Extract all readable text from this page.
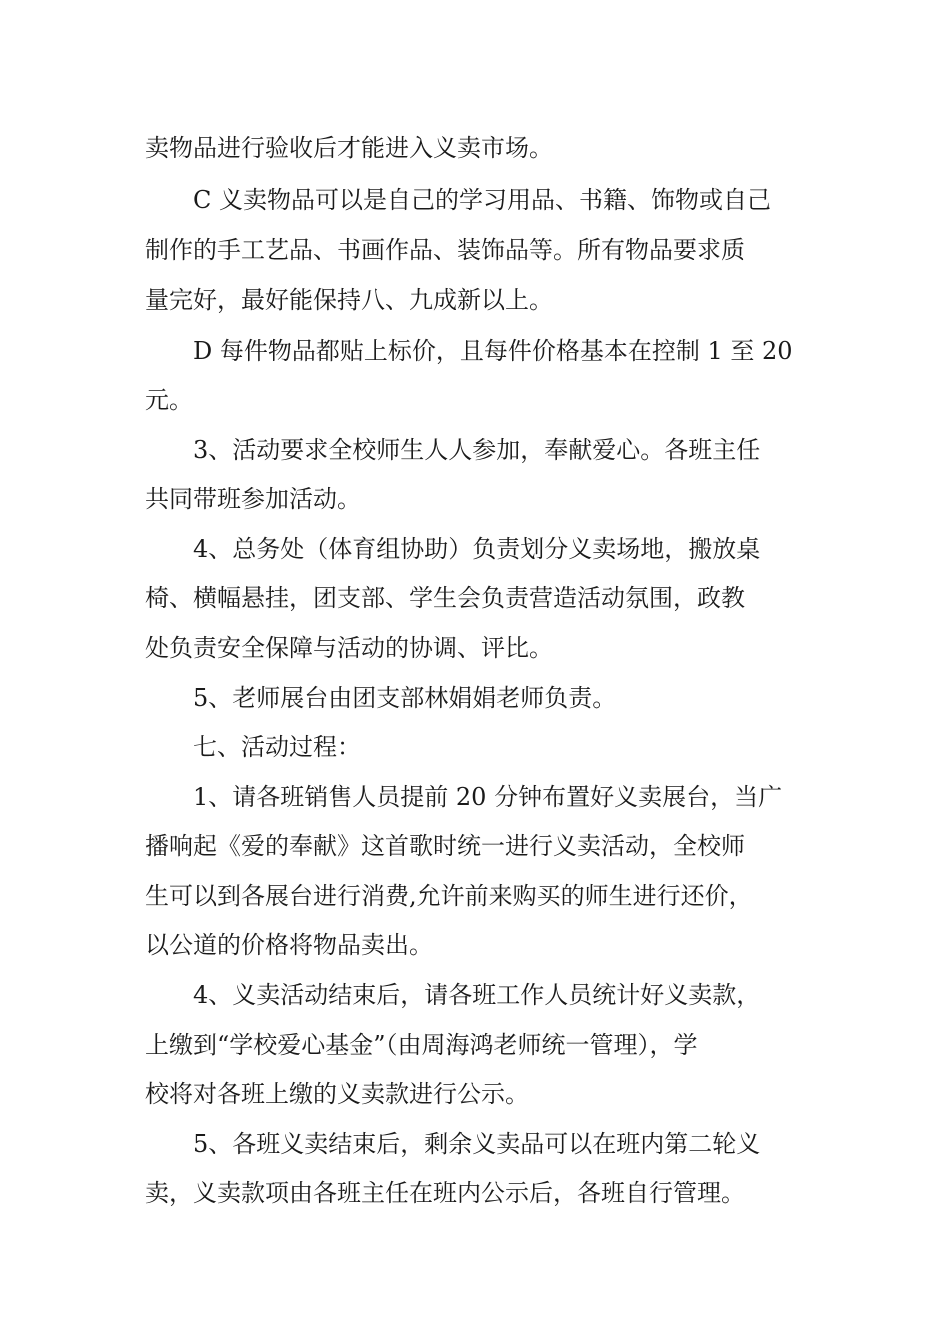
卖物品进行验收后才能进入义卖市场。
C 义卖物品可以是自己的学习用品、书籍、饰物或自己
制作的手工艺品、书画作品、装饰品等。所有物品要求质
量完好，最好能保持八、九成新以上。
D 每件物品都贴上标价，且每件价格基本在控制 1 至 20
元。
3、活动要求全校师生人人参加，奉献爱心。各班主任
共同带班参加活动。
4、总务处（体育组协助）负责划分义卖场地，搬放桌
椅、横幅悬挂，团支部、学生会负责营造活动氛围，政教
处负责安全保障与活动的协调、评比。
5、老师展台由团支部林娟娟老师负责。
七、活动过程：
1、请各班销售人员提前 20 分钟布置好义卖展台，当广
播响起《爱的奉献》这首歌时统一进行义卖活动，全校师
生可以到各展台进行消费,允许前来购买的师生进行还价，
以公道的价格将物品卖出。
4、义卖活动结束后，请各班工作人员统计好义卖款，
上缴到“学校爱心基金”（由周海鸿老师统一管理），学
校将对各班上缴的义卖款进行公示。
5、各班义卖结束后，剩余义卖品可以在班内第二轮义
卖，义卖款项由各班主任在班内公示后，各班自行管理。
